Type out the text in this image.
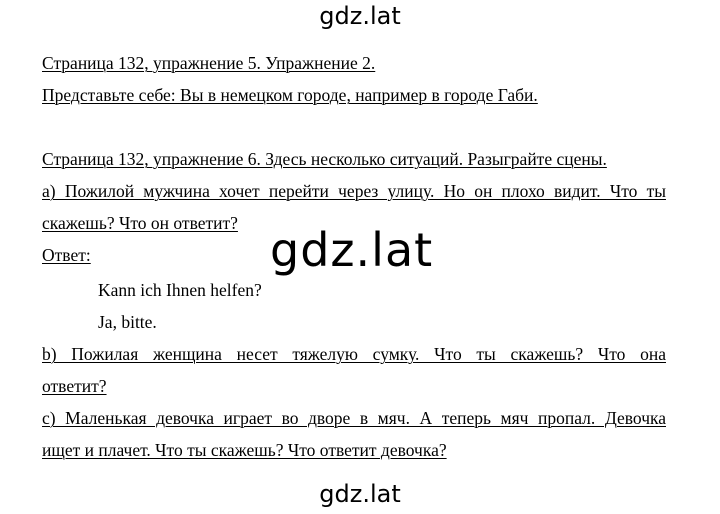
gdz.lat
Страница 132, упражнение 5. Упражнение 2.
Представьте себе: Вы в немецком городе, например в городе Габи.
Страница 132, упражнение 6. Здесь несколько ситуаций. Разыграйте сцены.
a) Пожилой мужчина хочет перейти через улицу. Но он плохо видит. Что ты
скажешь? Что он ответит? gdz.lat
Ответ:
Kann ich Ihnen helfen?
Ja, bitte.
b) Пожилая женщина несет тяжелую сумку. Что ты скажешь? Что она
ответит?
c) Маленькая девочка играет во дворе в мяч. А теперь мяч пропал. Девочка
ищет и плачет. Что ты скажешь? Что ответит девочка?
gdz.lat
